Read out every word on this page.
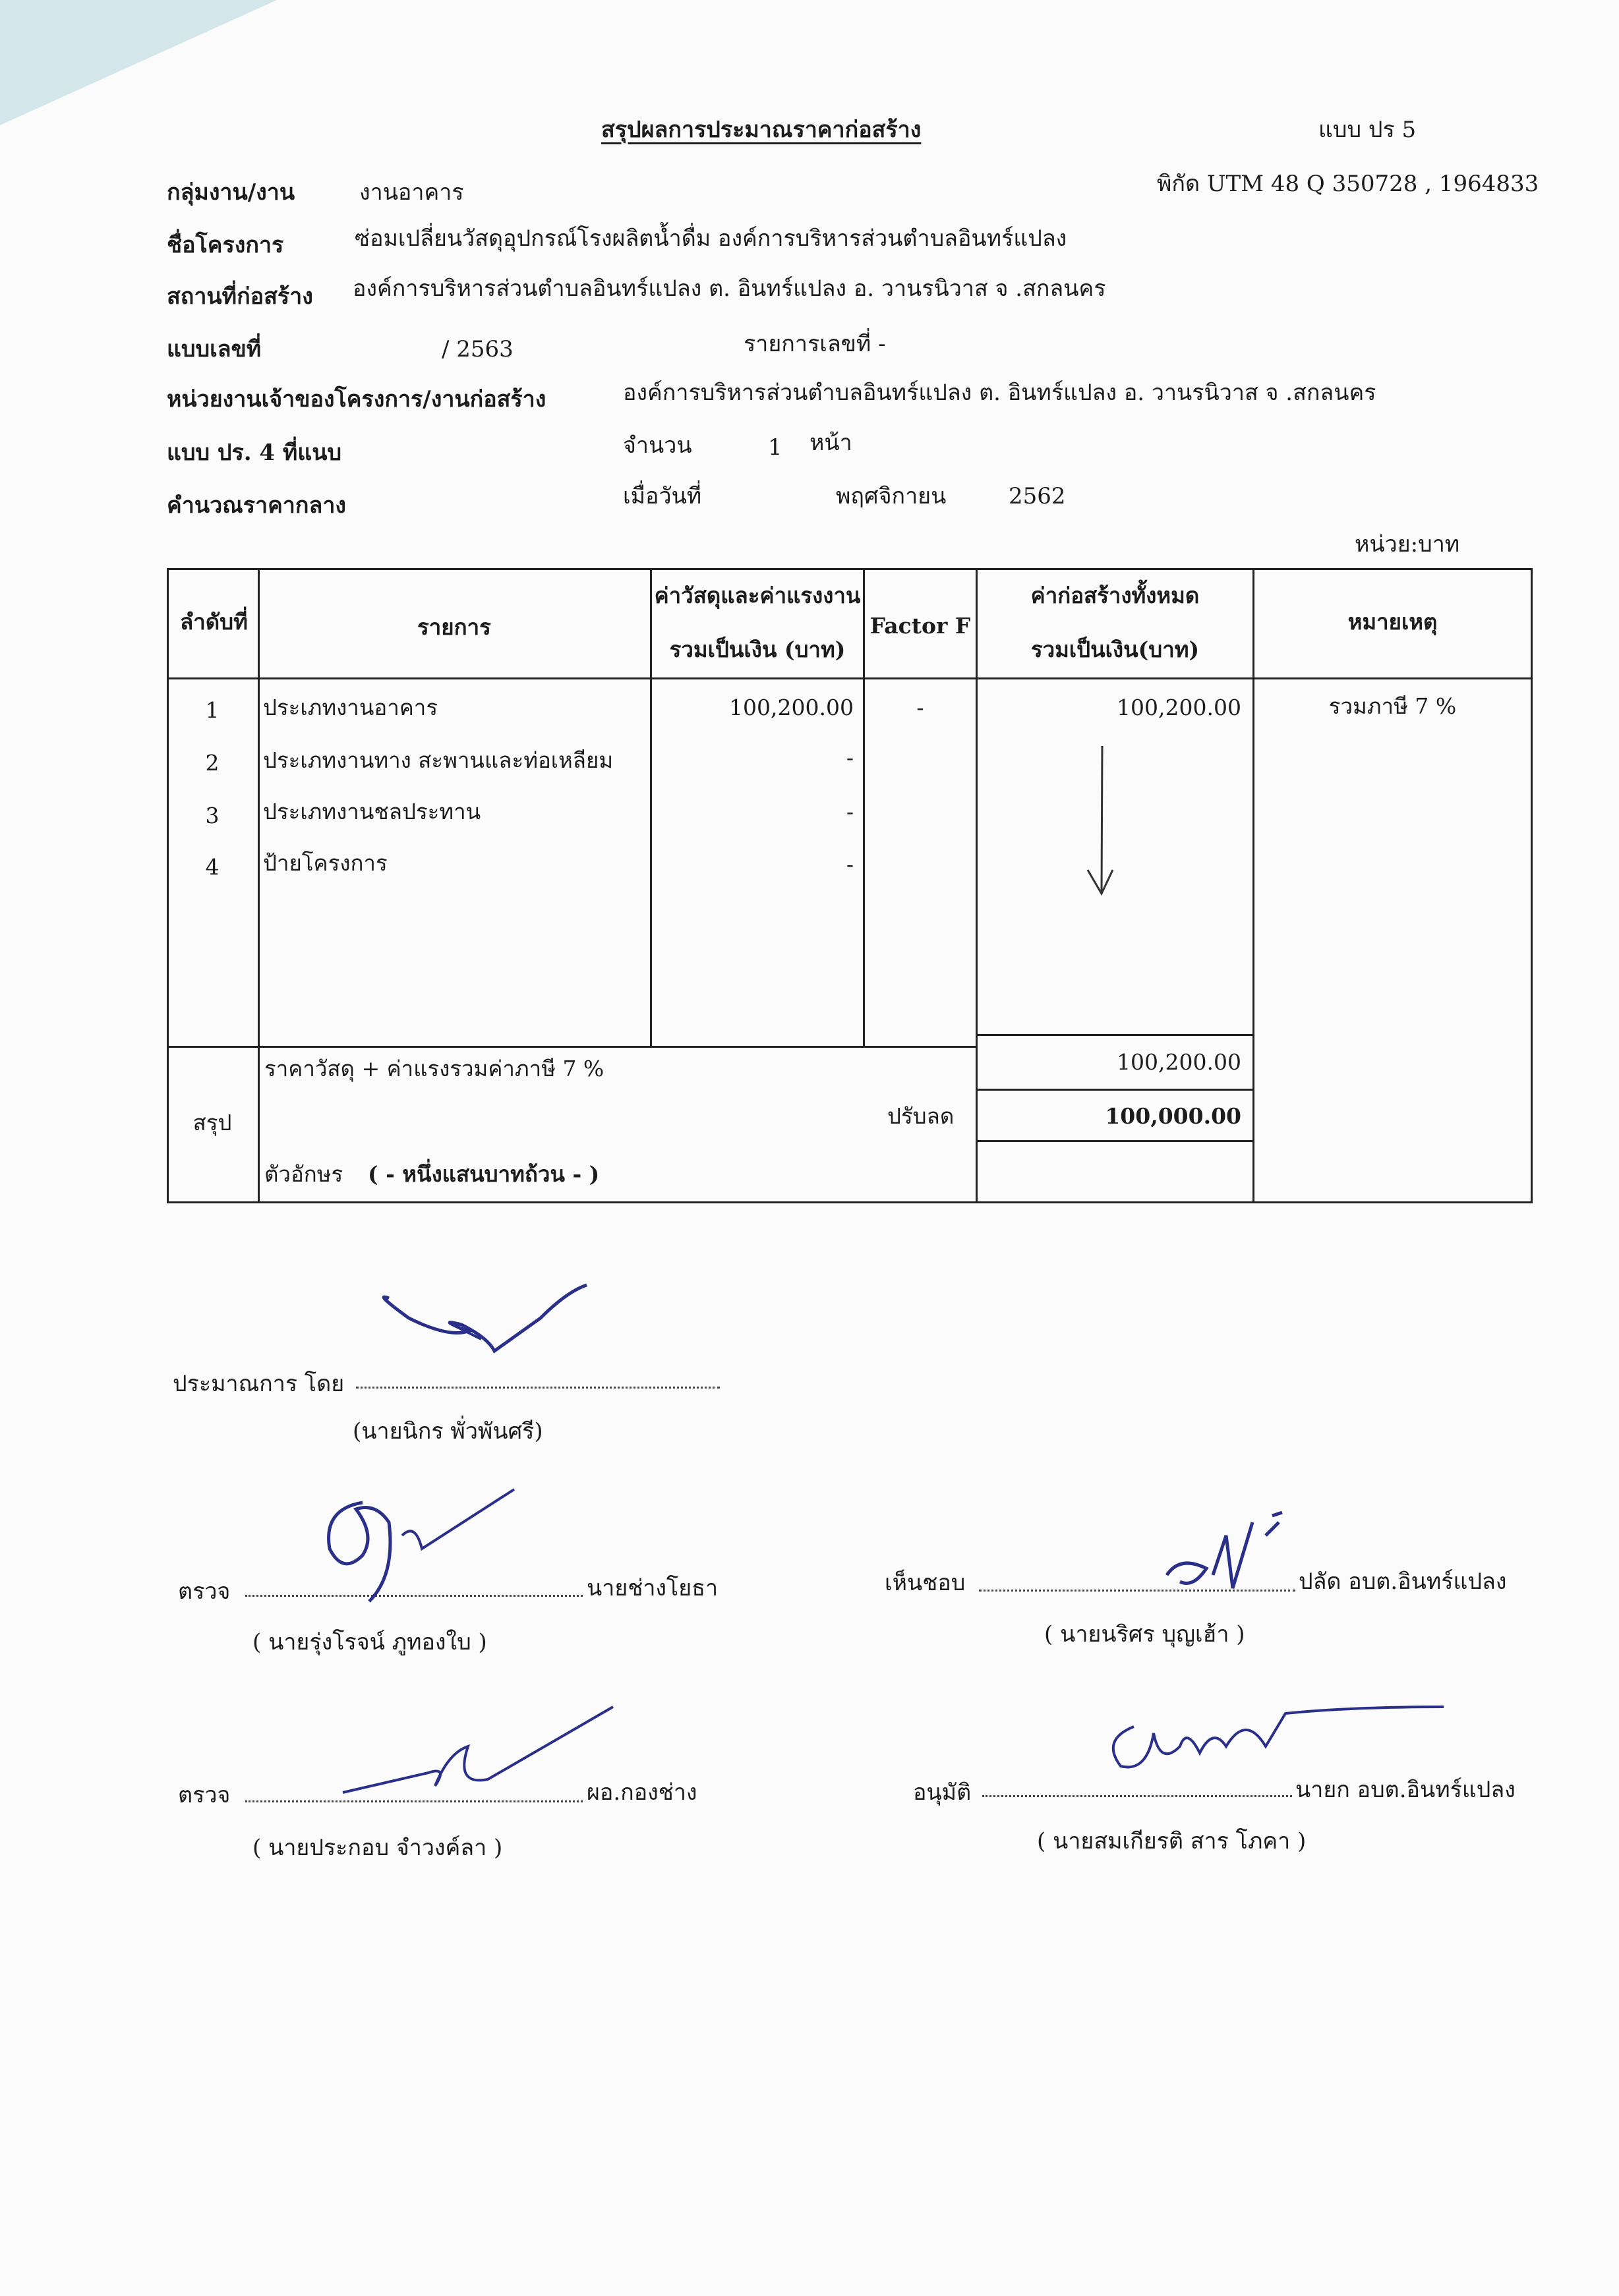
สรุปผลการประมาณราคาก่อสร้าง	แบบ ปร 5
พิกัด UTM 48 Q 350728 , 1964833
กลุ่มงาน/งาน	งานอาคาร
ชื่อโครงการ	ซ่อมเปลี่ยนวัสดุอุปกรณ์โรงผลิตน้ำดื่ม องค์การบริหารส่วนตำบลอินทร์แปลง
สถานที่ก่อสร้าง องค์การบริหารส่วนตำบลอินทร์แปลง ต. อินทร์แปลง อ. วานรนิวาส จ .สกลนคร
แบบเลขที่	/ 2563	รายการเลขที่ -
หน่วยงานเจ้าของโครงการ/งานก่อสร้าง	องค์การบริหารส่วนตำบลอินทร์แปลง ต. อินทร์แปลง อ. วานรนิวาส จ .สกลนคร
แบบ ปร. 4 ที่แนบ	จำนวน	1 หน้า
คำนวณราคากลาง	เมื่อวันที่	พฤศจิกายน	2562
หน่วย:บาท
ลำดับที่	รายการ
ค่าวัสดุและค่าแรงงาน
รวมเป็นเงิน (บาท)
Factor F
ค่าก่อสร้างทั้งหมด
รวมเป็นเงิน(บาท)
หมายเหตุ
1	ประเภทงานอาคาร	100,200.00	-	100,200.00	รวมภาษี 7 %
2	ประเภทงานทาง สะพานและท่อเหลียม	-
3	ประเภทงานชลประทาน	-
4	ป้ายโครงการ	-
สรุป
ราคาวัสดุ + ค่าแรงรวมค่าภาษี 7 %	100,200.00
ปรับลด	100,000.00
ตัวอักษร ( - หนึ่งแสนบาทถ้วน - )
ประมาณการ โดย
(นายนิกร พั่วพันศรี)
ตรวจ	นายช่างโยธา
( นายรุ่งโรจน์ ภูทองใบ )
เห็นชอบ	ปลัด อบต.อินทร์แปลง
( นายนริศร บุญเฮ้า )
ตรวจ	ผอ.กองช่าง
( นายประกอบ จำวงค์ลา )
อนุมัติ	นายก อบต.อินทร์แปลง
( นายสมเกียรติ สาร โภคา )
